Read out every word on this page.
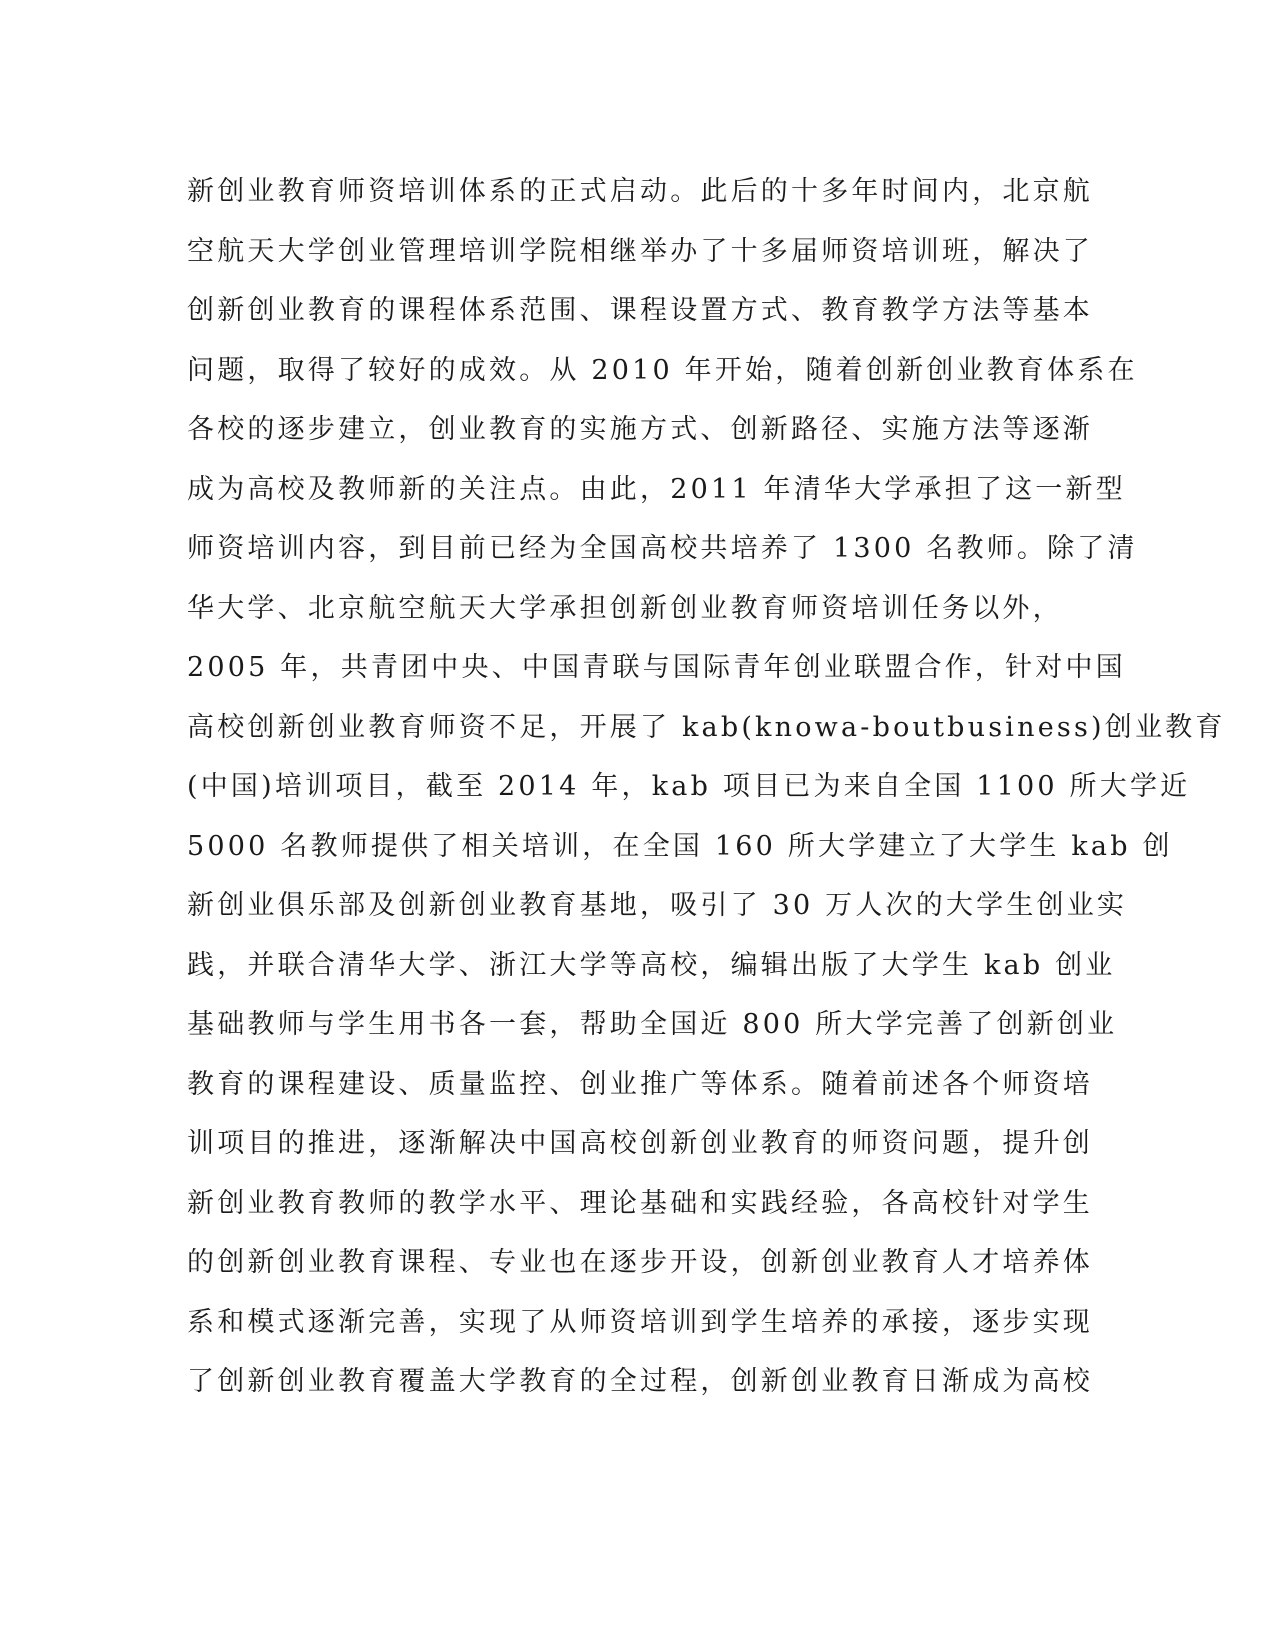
新创业教育师资培训体系的正式启动。此后的十多年时间内，北京航
空航天大学创业管理培训学院相继举办了十多届师资培训班，解决了
创新创业教育的课程体系范围、课程设置方式、教育教学方法等基本
问题，取得了较好的成效。从 2010 年开始，随着创新创业教育体系在
各校的逐步建立，创业教育的实施方式、创新路径、实施方法等逐渐
成为高校及教师新的关注点。由此，2011 年清华大学承担了这一新型
师资培训内容，到目前已经为全国高校共培养了 1300 名教师。除了清
华大学、北京航空航天大学承担创新创业教育师资培训任务以外，
2005 年，共青团中央、中国青联与国际青年创业联盟合作，针对中国
高校创新创业教育师资不足，开展了 kab(knowa-boutbusiness)创业教育
(中国)培训项目，截至 2014 年，kab 项目已为来自全国 1100 所大学近
5000 名教师提供了相关培训，在全国 160 所大学建立了大学生 kab 创
新创业俱乐部及创新创业教育基地，吸引了 30 万人次的大学生创业实
践，并联合清华大学、浙江大学等高校，编辑出版了大学生 kab 创业
基础教师与学生用书各一套，帮助全国近 800 所大学完善了创新创业
教育的课程建设、质量监控、创业推广等体系。随着前述各个师资培
训项目的推进，逐渐解决中国高校创新创业教育的师资问题，提升创
新创业教育教师的教学水平、理论基础和实践经验，各高校针对学生
的创新创业教育课程、专业也在逐步开设，创新创业教育人才培养体
系和模式逐渐完善，实现了从师资培训到学生培养的承接，逐步实现
了创新创业教育覆盖大学教育的全过程，创新创业教育日渐成为高校
